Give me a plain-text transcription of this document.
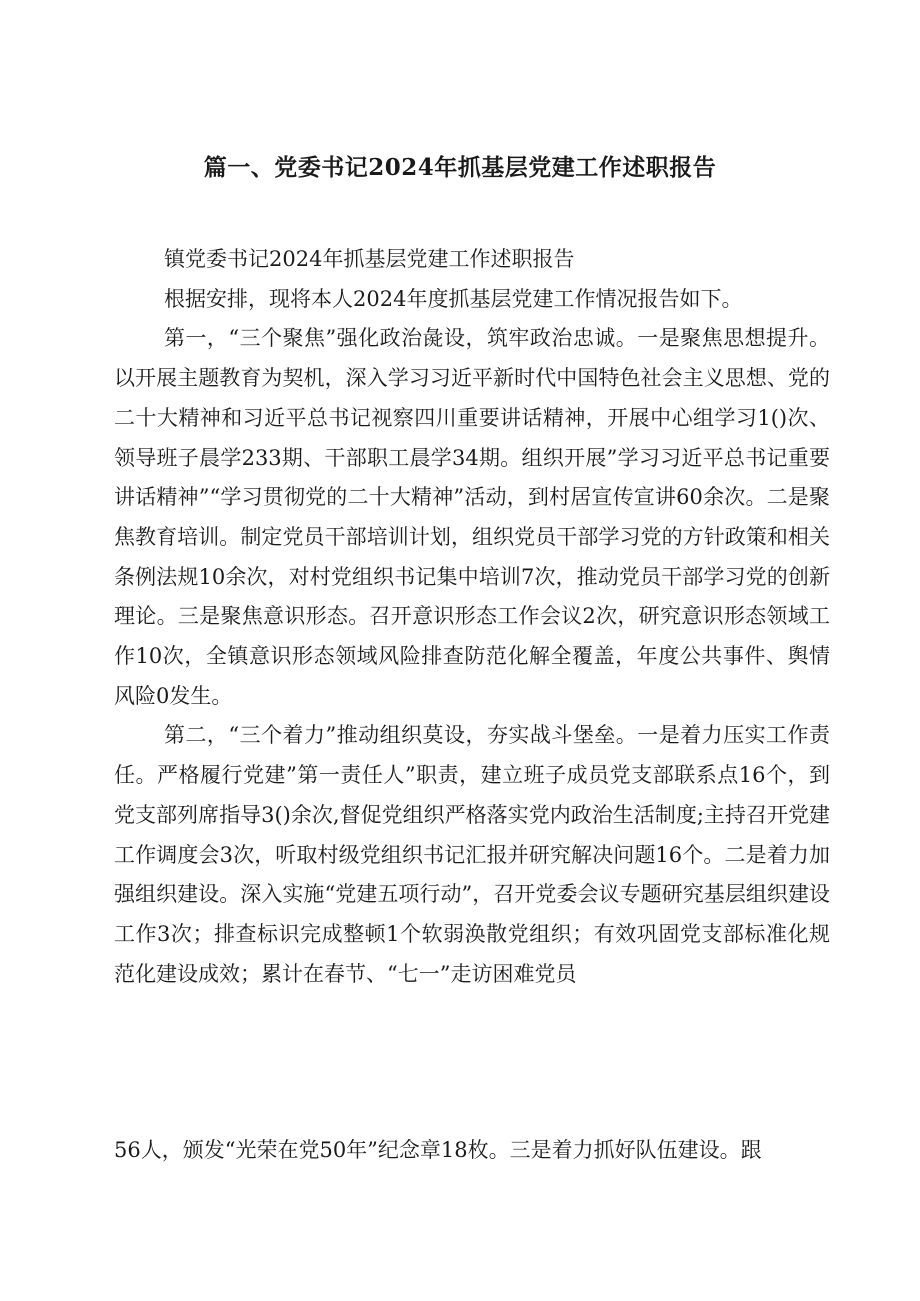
篇一、党委书记2024年抓基层党建工作述职报告

镇党委书记2024年抓基层党建工作述职报告

根据安排，现将本人2024年度抓基层党建工作情况报告如下。

第一，“三个聚焦”强化政治彘设，筑牢政治忠诚。一是聚焦思想提升。以开展主题教育为契机，深入学习习近平新时代中国特色社会主义思想、党的二十大精神和习近平总书记视察四川重要讲话精神，开展中心组学习1()次、领导班子晨学233期、干部职工晨学34期。组织开展”学习习近平总书记重要讲话精神”“学习贯彻党的二十大精神”活动，到村居宣传宣讲60余次。二是聚焦教育培训。制定党员干部培训计划，组织党员干部学习党的方针政策和相关条例法规10余次，对村党组织书记集中培训7次，推动党员干部学习党的创新理论。三是聚焦意识形态。召开意识形态工作会议2次，研究意识形态领域工作10次，全镇意识形态领域风险排查防范化解全覆盖，年度公共事件、舆情风险0发生。

第二，“三个着力”推动组织莫设，夯实战斗堡垒。一是着力压实工作责任。严格履行党建”第一责任人”职责，建立班子成员党支部联系点16个，到党支部列席指导3()余次,督促党组织严格落实党内政治生活制度;主持召开党建工作调度会3次，听取村级党组织书记汇报并研究解决问题16个。二是着力加强组织建设。深入实施“党建五项行动”，召开党委会议专题研究基层组织建设工作3次；排查标识完成整顿1个软弱涣散党组织；有效巩固党支部标准化规范化建设成效；累计在春节、“七一”走访困难党员

56人，颁发“光荣在党50年”纪念章18枚。三是着力抓好队伍建设。跟
